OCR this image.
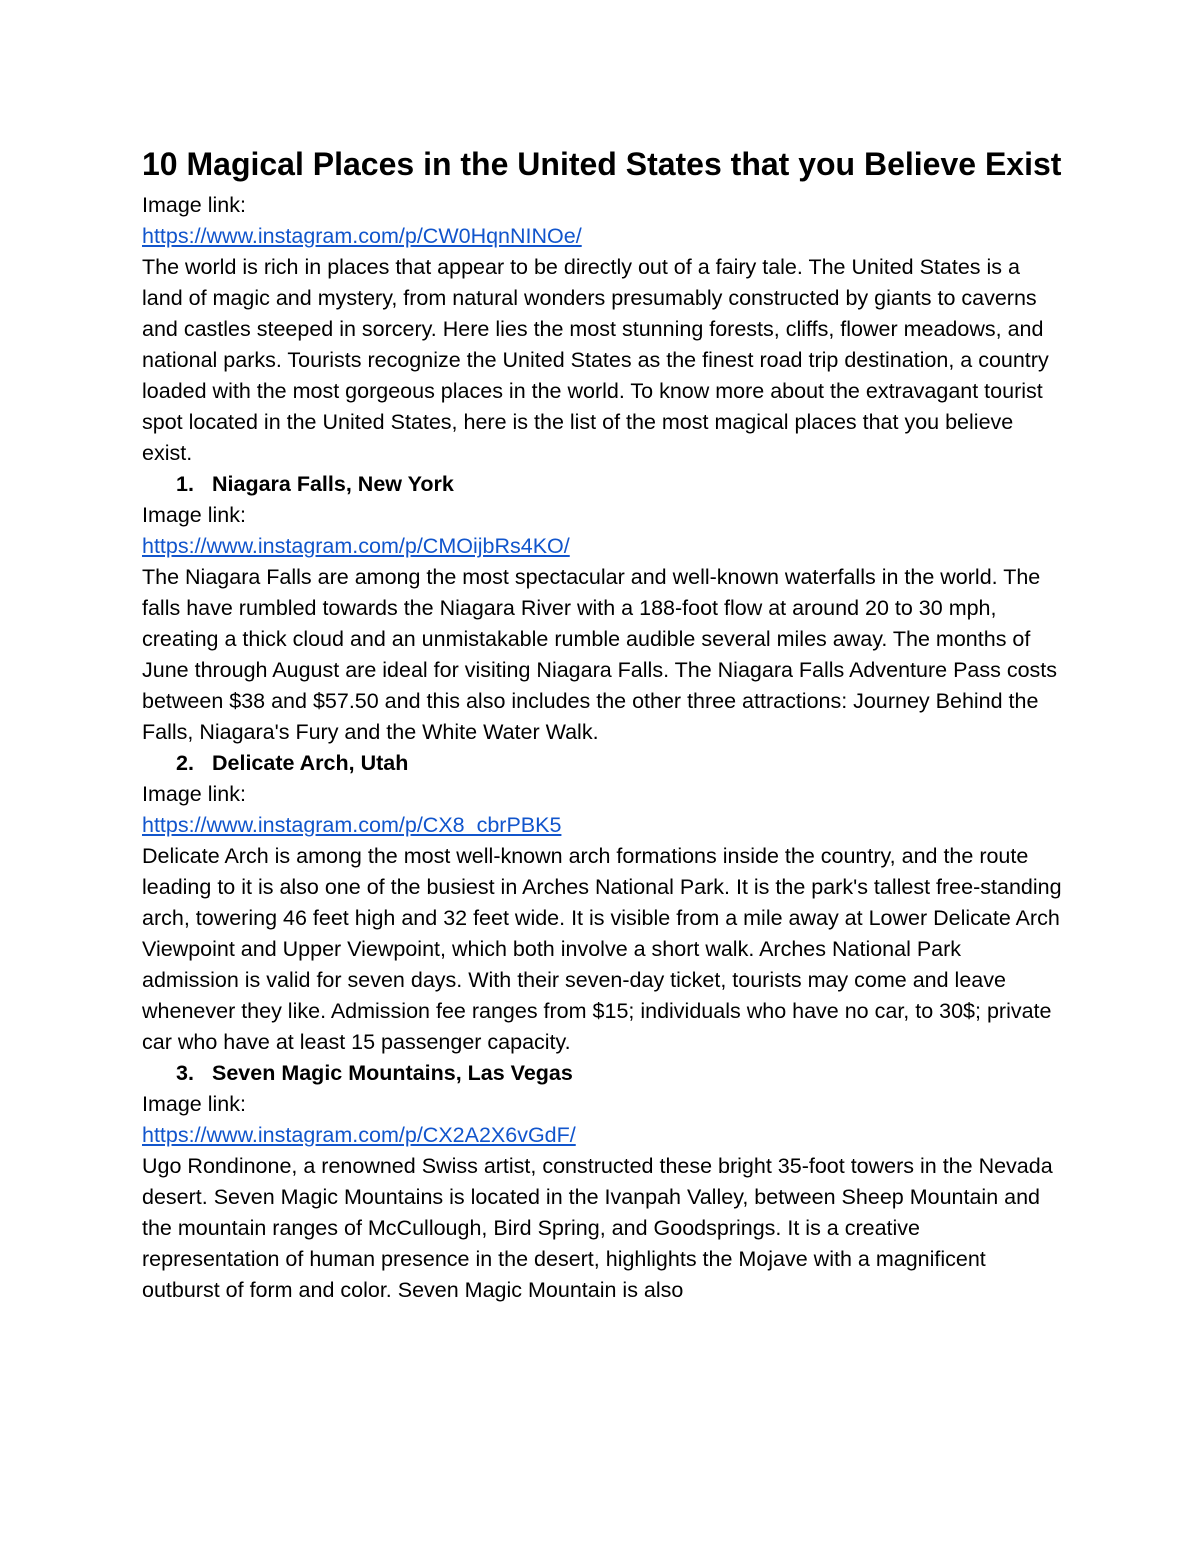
10 Magical Places in the United States that you Believe Exist
Image link:
https://www.instagram.com/p/CW0HqnNINOe/

The world is rich in places that appear to be directly out of a fairy tale. The United States is a land of magic and mystery, from natural wonders presumably constructed by giants to caverns and castles steeped in sorcery. Here lies the most stunning forests, cliffs, flower meadows, and national parks. Tourists recognize the United States as the finest road trip destination, a country loaded with the most gorgeous places in the world. To know more about the extravagant tourist spot located in the United States, here is the list of the most magical places that you believe exist.

1. Niagara Falls, New York
Image link:
https://www.instagram.com/p/CMOijbRs4KO/

The Niagara Falls are among the most spectacular and well-known waterfalls in the world. The falls have rumbled towards the Niagara River with a 188-foot flow at around 20 to 30 mph, creating a thick cloud and an unmistakable rumble audible several miles away. The months of June through August are ideal for visiting Niagara Falls. The Niagara Falls Adventure Pass costs between $38 and $57.50 and this also includes the other three attractions: Journey Behind the Falls, Niagara's Fury and the White Water Walk.

2. Delicate Arch, Utah
Image link:
https://www.instagram.com/p/CX8_cbrPBK5

Delicate Arch is among the most well-known arch formations inside the country, and the route leading to it is also one of the busiest in Arches National Park. It is the park's tallest free-standing arch, towering 46 feet high and 32 feet wide. It is visible from a mile away at Lower Delicate Arch Viewpoint and Upper Viewpoint, which both involve a short walk. Arches National Park admission is valid for seven days. With their seven-day ticket, tourists may come and leave whenever they like. Admission fee ranges from $15; individuals who have no car, to 30$; private car who have at least 15 passenger capacity.

3. Seven Magic Mountains, Las Vegas
Image link:
https://www.instagram.com/p/CX2A2X6vGdF/

Ugo Rondinone, a renowned Swiss artist, constructed these bright 35-foot towers in the Nevada desert. Seven Magic Mountains is located in the Ivanpah Valley, between Sheep Mountain and the mountain ranges of McCullough, Bird Spring, and Goodsprings. It is a creative representation of human presence in the desert, highlights the Mojave with a magnificent outburst of form and color. Seven Magic Mountain is also
